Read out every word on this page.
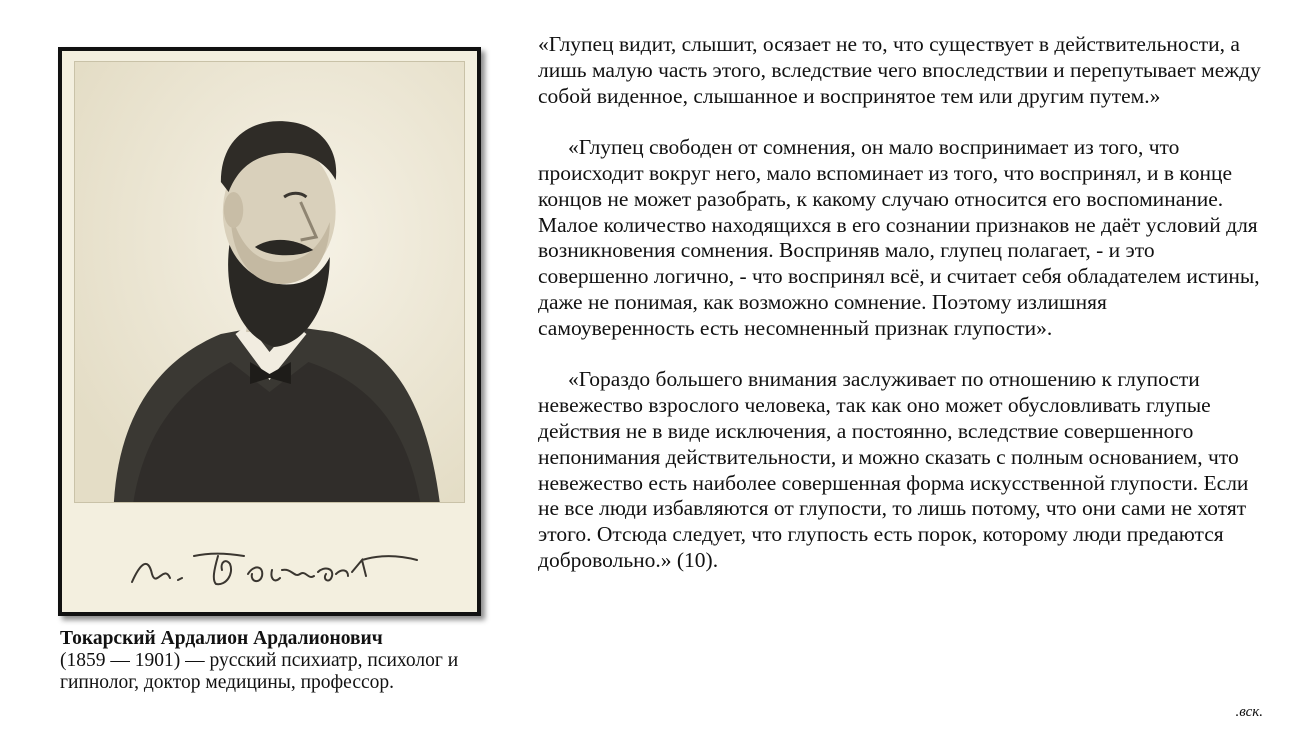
Токарский Ардалион Ардалионович
(1859 — 1901) — русский психиатр, психолог и гипнолог, доктор медицины, профессор.

«Глупец видит, слышит, осязает не то, что существует в действительности, а лишь малую часть этого, вследствие чего впоследствии и перепутывает между собой виденное, слышанное и воспринятое тем или другим путем.»

«Глупец свободен от сомнения, он мало воспринимает из того, что происходит вокруг него, мало вспоминает из того, что воспринял, и в конце концов не может разобрать, к какому случаю относится его воспоминание. Малое количество находящихся в его сознании признаков не даёт условий для возникновения сомнения. Восприняв мало, глупец полагает, - и это совершенно логично, - что воспринял всё, и считает себя обладателем истины, даже не понимая, как возможно сомнение. Поэтому излишняя самоуверенность есть несомненный признак глупости».

«Гораздо большего внимания заслуживает по отношению к глупости невежество взрослого человека, так как оно может обусловливать глупые действия не в виде исключения, а постоянно, вследствие совершенного непонимания действительности, и можно сказать с полным основанием, что невежество есть наиболее совершенная форма искусственной глупости. Если не все люди избавляются от глупости, то лишь потому, что они сами не хотят этого. Отсюда следует, что глупость есть порок, которому люди предаются добровольно.» (10).

.вск.
